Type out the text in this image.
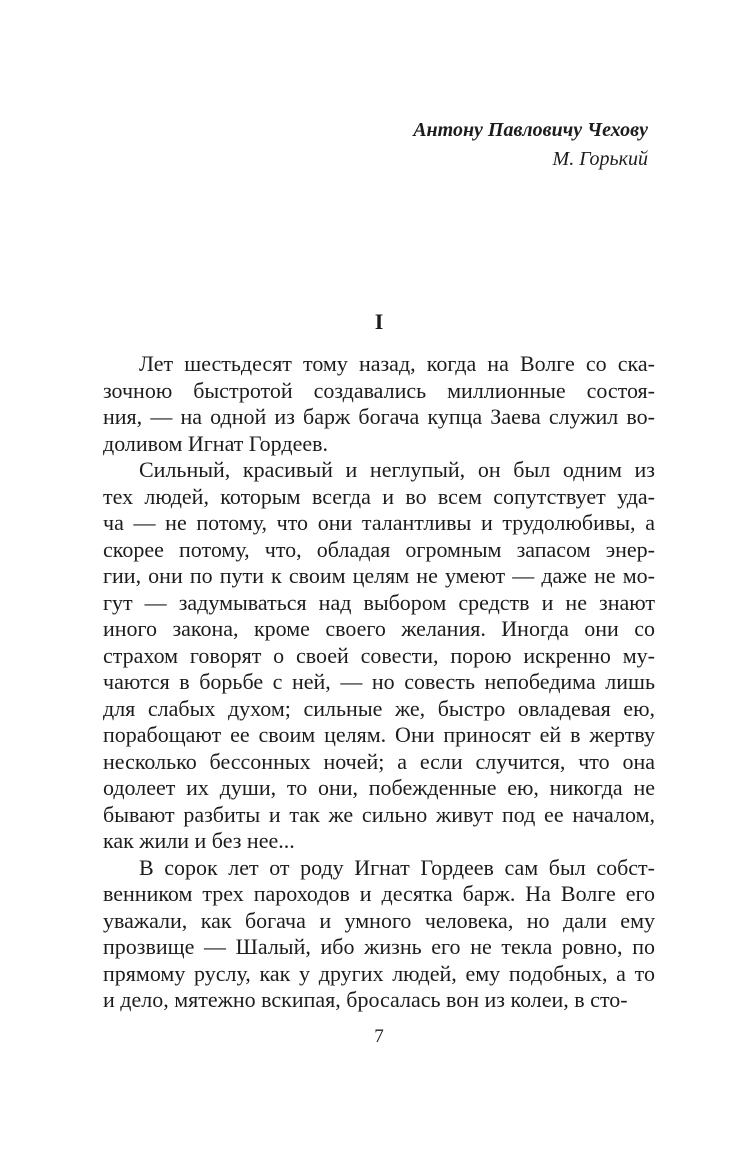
Антону Павловичу Чехову
М. Горький
I
Лет шестьдесят тому назад, когда на Волге со ска-
зочною быстротой создавались миллионные состоя-
ния, — на одной из барж богача купца Заева служил во-
доливом Игнат Гордеев.
Сильный, красивый и неглупый, он был одним из
тех людей, которым всегда и во всем сопутствует уда-
ча — не потому, что они талантливы и трудолюбивы, а
скорее потому, что, обладая огромным запасом энер-
гии, они по пути к своим целям не умеют — даже не мо-
гут — задумываться над выбором средств и не знают
иного закона, кроме своего желания. Иногда они со
страхом говорят о своей совести, порою искренно му-
чаются в борьбе с ней, — но совесть непобедима лишь
для слабых духом; сильные же, быстро овладевая ею,
порабощают ее своим целям. Они приносят ей в жертву
несколько бессонных ночей; а если случится, что она
одолеет их души, то они, побежденные ею, никогда не
бывают разбиты и так же сильно живут под ее началом,
как жили и без нее...
В сорок лет от роду Игнат Гордеев сам был собст-
венником трех пароходов и десятка барж. На Волге его
уважали, как богача и умного человека, но дали ему
прозвище — Шалый, ибо жизнь его не текла ровно, по
прямому руслу, как у других людей, ему подобных, а то
и дело, мятежно вскипая, бросалась вон из колеи, в сто-
7
